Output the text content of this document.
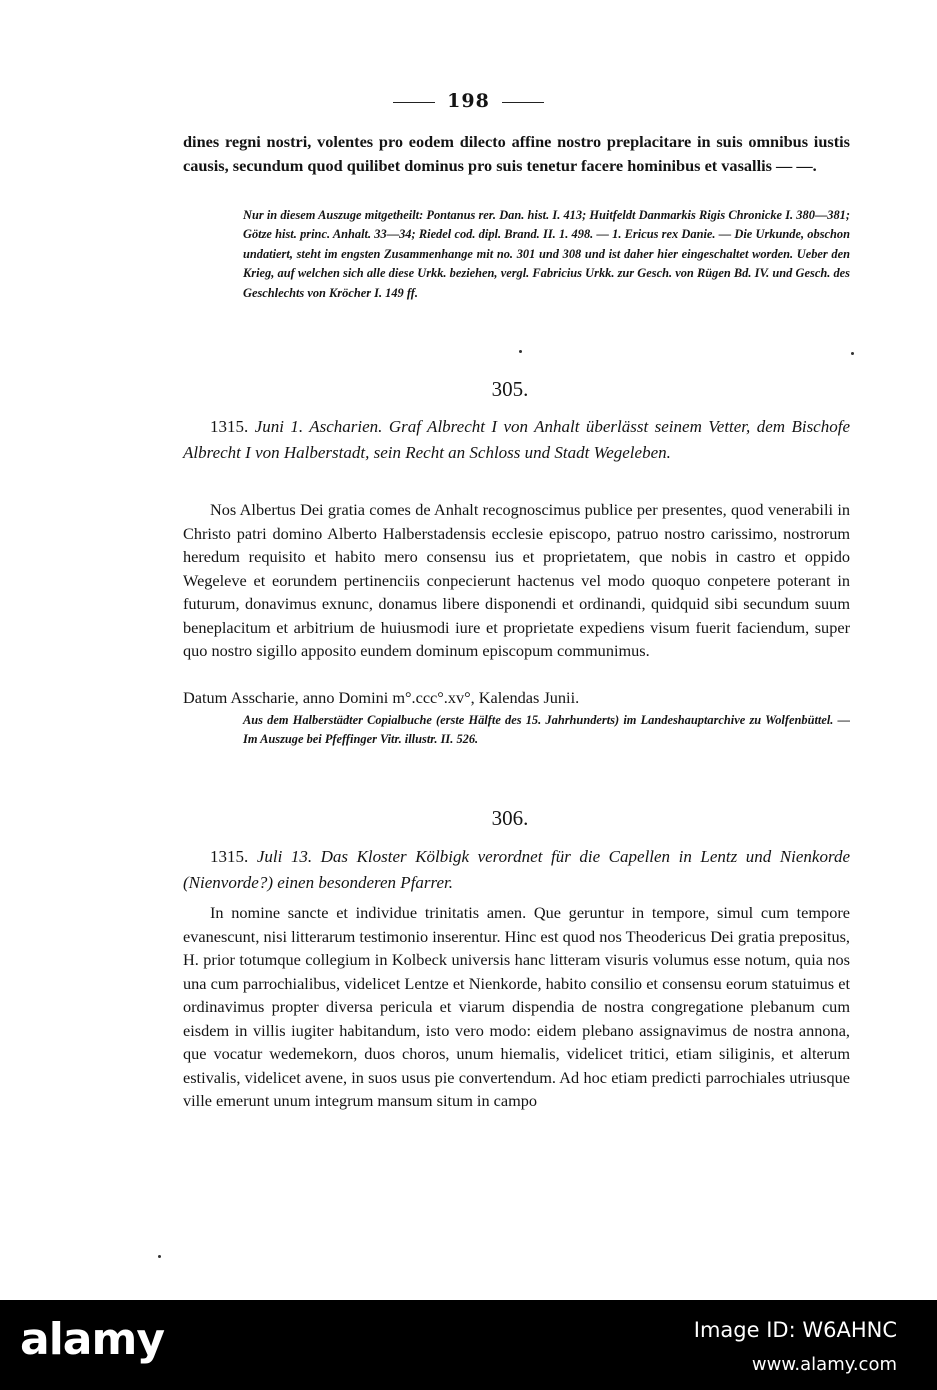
198
dines regni nostri, volentes pro eodem dilecto affine nostro preplacitare in suis omnibus iustis causis, secundum quod quilibet dominus pro suis tenetur facere hominibus et vasallis — —.
Nur in diesem Auszuge mitgetheilt: Pontanus rer. Dan. hist. I. 413; Huitfeldt Danmarkis Rigis Chronicke I. 380—381; Götze hist. princ. Anhalt. 33—34; Riedel cod. dipl. Brand. II. 1. 498. — 1. Ericus rex Danie. — Die Urkunde, obschon undatiert, steht im engsten Zusammenhange mit no. 301 und 308 und ist daher hier eingeschaltet worden. Ueber den Krieg, auf welchen sich alle diese Urkk. beziehen, vergl. Fabricius Urkk. zur Gesch. von Rügen Bd. IV. und Gesch. des Geschlechts von Kröcher I. 149 ff.
305.
1315. Juni 1. Ascharien. Graf Albrecht I von Anhalt überlässt seinem Vetter, dem Bischofe Albrecht I von Halberstadt, sein Recht an Schloss und Stadt Wegeleben.
Nos Albertus Dei gratia comes de Anhalt recognoscimus publice per presentes, quod venerabili in Christo patri domino Alberto Halberstadensis ecclesie episcopo, patruo nostro carissimo, nostrorum heredum requisito et habito mero consensu ius et proprietatem, que nobis in castro et oppido Wegeleve et eorundem pertinenciis conpecierunt hactenus vel modo quoquo conpetere poterant in futurum, donavimus exnunc, donamus libere disponendi et ordinandi, quidquid sibi secundum suum beneplacitum et arbitrium de huiusmodi iure et proprietate expediens visum fuerit faciendum, super quo nostro sigillo apposito eundem dominum episcopum communimus.
Datum Asscharie, anno Domini m°.ccc°.xv°, Kalendas Junii.
Aus dem Halberstädter Copialbuche (erste Hälfte des 15. Jahrhunderts) im Landeshauptarchive zu Wolfenbüttel. — Im Auszuge bei Pfeffinger Vitr. illustr. II. 526.
306.
1315. Juli 13. Das Kloster Kölbigk verordnet für die Capellen in Lentz und Nienkorde (Nienvorde?) einen besonderen Pfarrer.
In nomine sancte et individue trinitatis amen. Que geruntur in tempore, simul cum tempore evanescunt, nisi litterarum testimonio inserentur. Hinc est quod nos Theodericus Dei gratia prepositus, H. prior totumque collegium in Kolbeck universis hanc litteram visuris volumus esse notum, quia nos una cum parrochialibus, videlicet Lentze et Nienkorde, habito consilio et consensu eorum statuimus et ordinavimus propter diversa pericula et viarum dispendia de nostra congregatione plebanum cum eisdem in villis iugiter habitandum, isto vero modo: eidem plebano assignavimus de nostra annona, que vocatur wedemekorn, duos choros, unum hiemalis, videlicet tritici, etiam siliginis, et alterum estivalis, videlicet avene, in suos usus pie convertendum. Ad hoc etiam predicti parrochiales utriusque ville emerunt unum integrum mansum situm in campo
alamy	Image ID: W6AHNC
www.alamy.com
